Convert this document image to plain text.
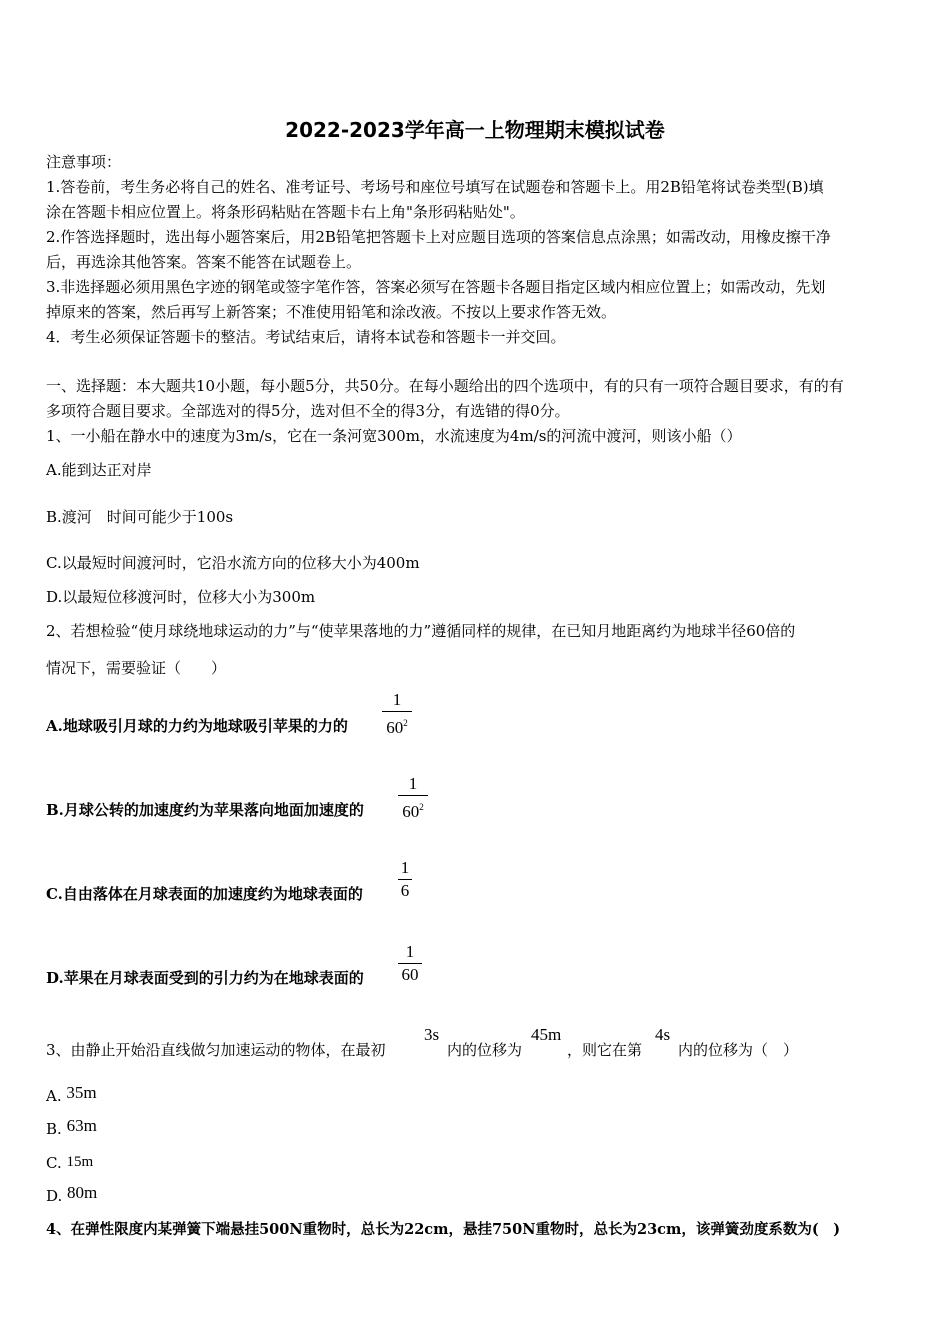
2022-2023学年高一上物理期末模拟试卷
注意事项：
1.答卷前，考生务必将自己的姓名、准考证号、考场号和座位号填写在试题卷和答题卡上。用2B铅笔将试卷类型(B)填
涂在答题卡相应位置上。将条形码粘贴在答题卡右上角"条形码粘贴处"。
2.作答选择题时，选出每小题答案后，用2B铅笔把答题卡上对应题目选项的答案信息点涂黑；如需改动，用橡皮擦干净
后，再选涂其他答案。答案不能答在试题卷上。
3.非选择题必须用黑色字迹的钢笔或签字笔作答，答案必须写在答题卡各题目指定区域内相应位置上；如需改动，先划
掉原来的答案，然后再写上新答案；不准使用铅笔和涂改液。不按以上要求作答无效。
4．考生必须保证答题卡的整洁。考试结束后，请将本试卷和答题卡一并交回。
一、选择题：本大题共10小题，每小题5分，共50分。在每小题给出的四个选项中，有的只有一项符合题目要求，有的有
多项符合题目要求。全部选对的得5分，选对但不全的得3分，有选错的得0分。
1、一小船在静水中的速度为3m/s，它在一条河宽300m，水流速度为4m/s的河流中渡河，则该小船（）
A.能到达正对岸
B.渡河　时间可能少于100s
C.以最短时间渡河时，它沿水流方向的位移大小为400m
D.以最短位移渡河时，位移大小为300m
2、若想检验“使月球绕地球运动的力”与“使苹果落地的力”遵循同样的规律，在已知月地距离约为地球半径60倍的
情况下，需要验证（　　）
A.地球吸引月球的力约为地球吸引苹果的力的
1
$60^2$
B.月球公转的加速度约为苹果落向地面加速度的
1
$60^2$
C.自由落体在月球表面的加速度约为地球表面的
1
6
D.苹果在月球表面受到的引力约为在地球表面的
1
60
3、由静止开始沿直线做匀加速运动的物体，在最初
3s
内的位移为
45m
，则它在第
4s
内的位移为（　）
A. 35m
B. 63m
C. 15m
D. 80m
4、在弹性限度内某弹簧下端悬挂500N重物时，总长为22cm，悬挂750N重物时，总长为23cm，该弹簧劲度系数为(　)
